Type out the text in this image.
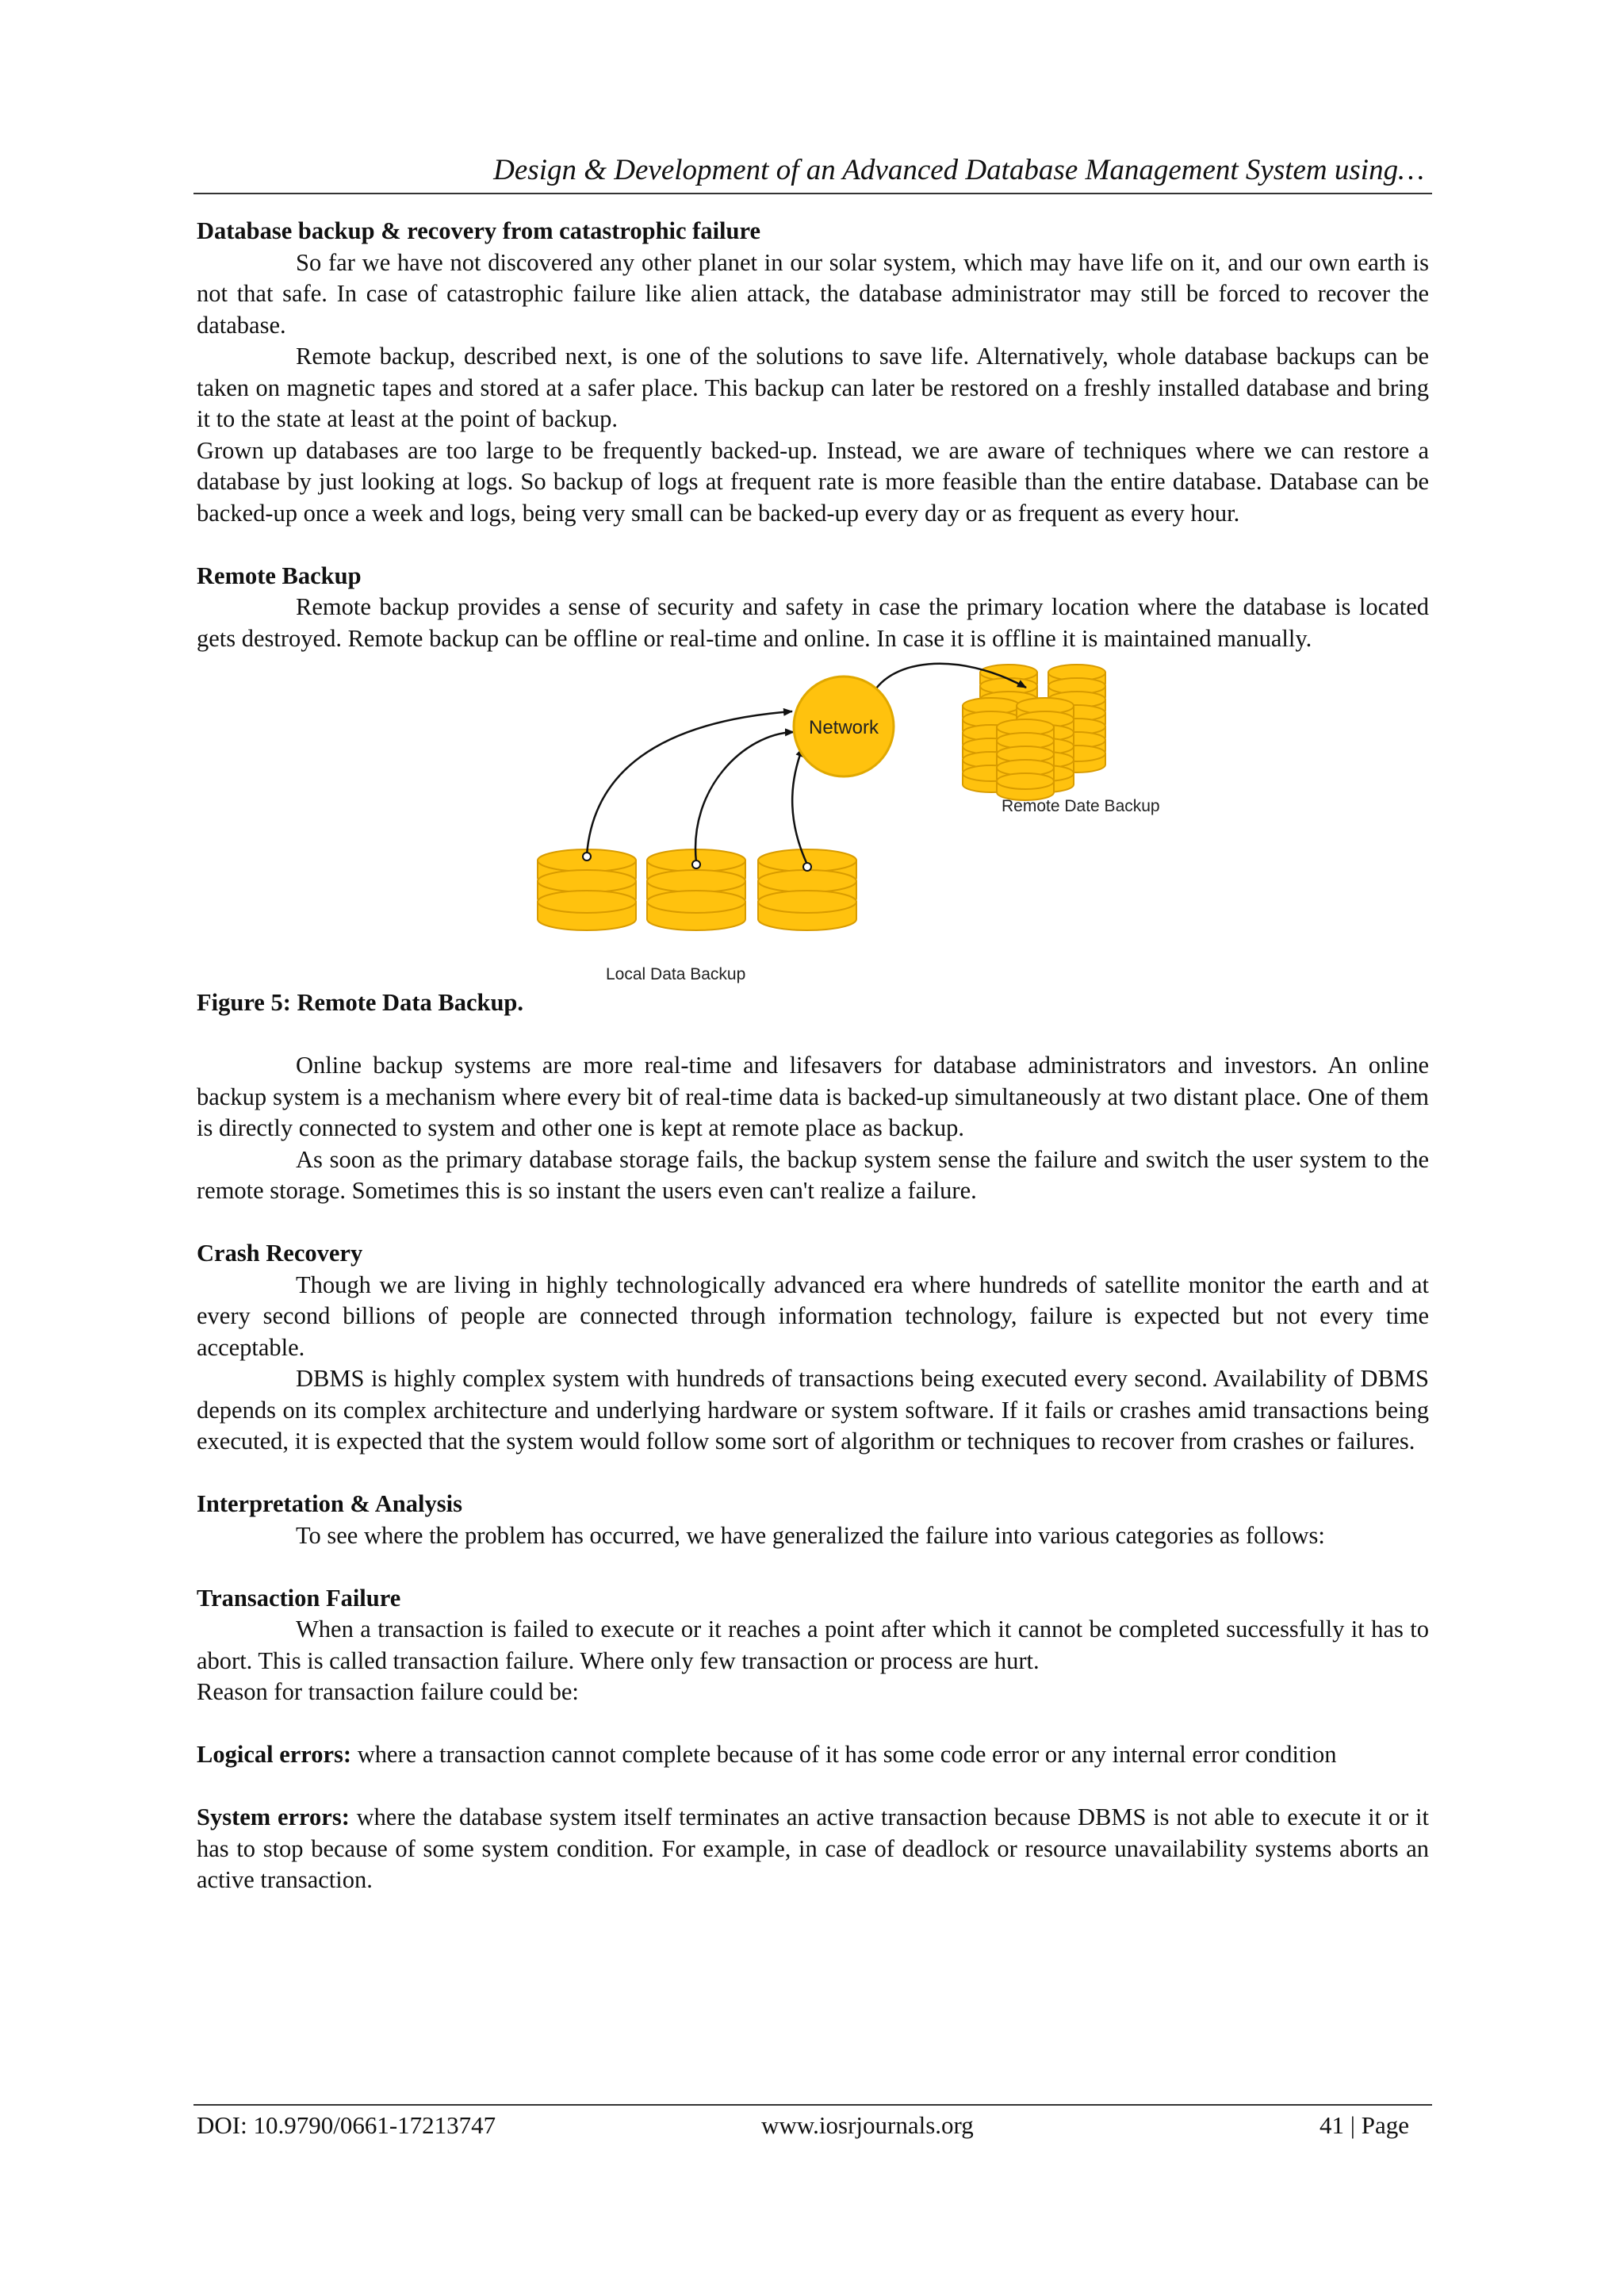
Design & Development of an Advanced Database Management System using…

Database backup & recovery from catastrophic failure

So far we have not discovered any other planet in our solar system, which may have life on it, and our own earth is not that safe. In case of catastrophic failure like alien attack, the database administrator may still be forced to recover the database.

Remote backup, described next, is one of the solutions to save life. Alternatively, whole database backups can be taken on magnetic tapes and stored at a safer place. This backup can later be restored on a freshly installed database and bring it to the state at least at the point of backup.

Grown up databases are too large to be frequently backed-up. Instead, we are aware of techniques where we can restore a database by just looking at logs. So backup of logs at frequent rate is more feasible than the entire database. Database can be backed-up once a week and logs, being very small can be backed-up every day or as frequent as every hour.

Remote Backup

Remote backup provides a sense of security and safety in case the primary location where the database is located gets destroyed. Remote backup can be offline or real-time and online. In case it is offline it is maintained manually.

Network
Remote Date Backup
Local Data Backup

Figure 5: Remote Data Backup.

Online backup systems are more real-time and lifesavers for database administrators and investors. An online backup system is a mechanism where every bit of real-time data is backed-up simultaneously at two distant place. One of them is directly connected to system and other one is kept at remote place as backup.

As soon as the primary database storage fails, the backup system sense the failure and switch the user system to the remote storage. Sometimes this is so instant the users even can't realize a failure.

Crash Recovery

Though we are living in highly technologically advanced era where hundreds of satellite monitor the earth and at every second billions of people are connected through information technology, failure is expected but not every time acceptable.

DBMS is highly complex system with hundreds of transactions being executed every second. Availability of DBMS depends on its complex architecture and underlying hardware or system software. If it fails or crashes amid transactions being executed, it is expected that the system would follow some sort of algorithm or techniques to recover from crashes or failures.

Interpretation & Analysis

To see where the problem has occurred, we have generalized the failure into various categories as follows:

Transaction Failure

When a transaction is failed to execute or it reaches a point after which it cannot be completed successfully it has to abort. This is called transaction failure. Where only few transaction or process are hurt.

Reason for transaction failure could be:

Logical errors: where a transaction cannot complete because of it has some code error or any internal error condition

System errors: where the database system itself terminates an active transaction because DBMS is not able to execute it or it has to stop because of some system condition. For example, in case of deadlock or resource unavailability systems aborts an active transaction.

DOI: 10.9790/0661-17213747	www.iosrjournals.org	41 | Page
